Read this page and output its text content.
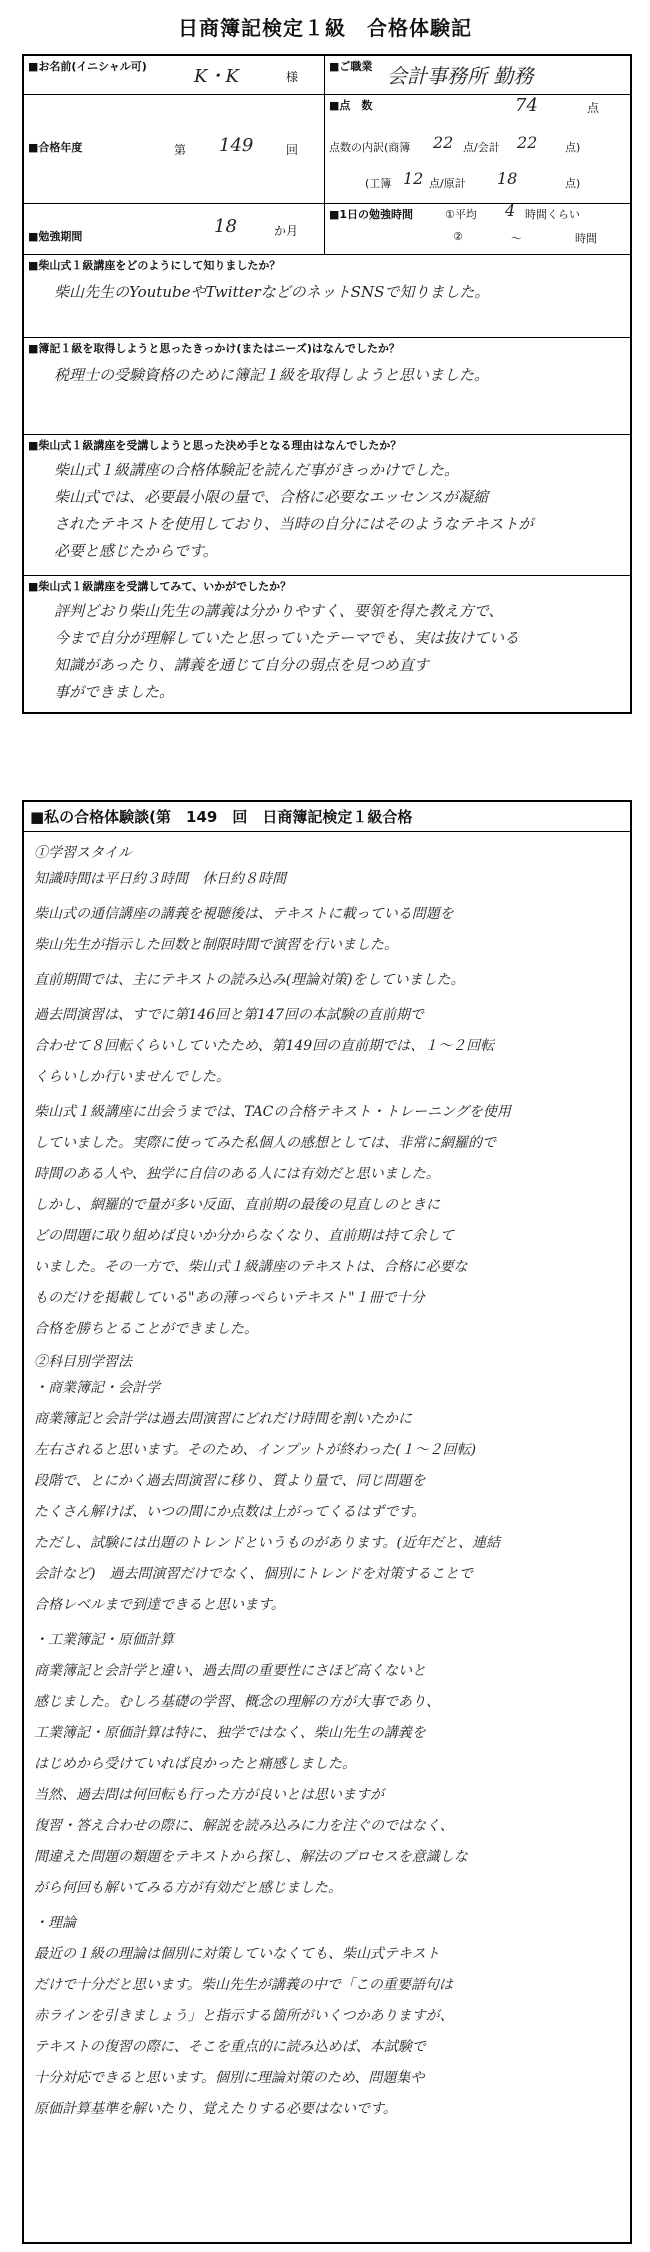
日商簿記検定１級　合格体験記
■お名前(イニシャル可)	K・K	様
■ご職業 会計事務所 勤務
■合格年度	第 149	回
■点　数	74	点
点数の内訳(商簿 22 点/会計 22	点)
(工簿 12 点/原計 18	点)
■勉強期間	18	か月
■1日の勉強時間	①平均 4 時間くらい
②	～	時間
■柴山式１級講座をどのようにして知りましたか？
柴山先生のYoutubeやTwitterなどのネットSNSで知りました。
■簿記１級を取得しようと思ったきっかけ(またはニーズ)はなんでしたか？
税理士の受験資格のために簿記１級を取得しようと思いました。
■柴山式１級講座を受講しようと思った決め手となる理由はなんでしたか？
柴山式１級講座の合格体験記を読んだ事がきっかけでした。
柴山式では、必要最小限の量で、合格に必要なエッセンスが凝縮
されたテキストを使用しており、当時の自分にはそのようなテキストが
必要と感じたからです。
■柴山式１級講座を受講してみて、いかがでしたか？
評判どおり柴山先生の講義は分かりやすく、要領を得た教え方で、
今まで自分が理解していたと思っていたテーマでも、実は抜けている
知識があったり、講義を通じて自分の弱点を見つめ直す
事ができました。
■私の合格体験談(第　149　回　日商簿記検定１級合格
①学習スタイル

知識時間は平日約３時間　休日約８時間

柴山式の通信講座の講義を視聴後は、テキストに載っている問題を
柴山先生が指示した回数と制限時間で演習を行いました。

直前期間では、主にテキストの読み込み(理論対策)をしていました。

過去問演習は、すでに第146回と第147回の本試験の直前期で
合わせて８回転くらいしていたため、第149回の直前期では、１～２回転
くらいしか行いませんでした。

柴山式１級講座に出会うまでは、TACの合格テキスト・トレーニングを使用
していました。実際に使ってみた私個人の感想としては、非常に網羅的で
時間のある人や、独学に自信のある人には有効だと思いました。
しかし、網羅的で量が多い反面、直前期の最後の見直しのときに
どの問題に取り組めば良いか分からなくなり、直前期は持て余して
いました。その一方で、柴山式１級講座のテキストは、合格に必要な
ものだけを掲載している"あの薄っぺらいテキスト"１冊で十分
合格を勝ちとることができました。

②科目別学習法

・商業簿記・会計学
商業簿記と会計学は過去問演習にどれだけ時間を割いたかに
左右されると思います。そのため、インプットが終わった(１～２回転)
段階で、とにかく過去問演習に移り、質より量で、同じ問題を
たくさん解けば、いつの間にか点数は上がってくるはずです。
ただし、試験には出題のトレンドというものがあります。(近年だと、連結
会計など)　過去問演習だけでなく、個別にトレンドを対策することで
合格レベルまで到達できると思います。

・工業簿記・原価計算
商業簿記と会計学と違い、過去問の重要性にさほど高くないと
感じました。むしろ基礎の学習、概念の理解の方が大事であり、
工業簿記・原価計算は特に、独学ではなく、柴山先生の講義を
はじめから受けていれば良かったと痛感しました。
当然、過去問は何回転も行った方が良いとは思いますが
復習・答え合わせの際に、解説を読み込みに力を注ぐのではなく、
間違えた問題の類題をテキストから探し、解法のプロセスを意識しな
がら何回も解いてみる方が有効だと感じました。

・理論
最近の１級の理論は個別に対策していなくても、柴山式テキスト
だけで十分だと思います。柴山先生が講義の中で「この重要語句は
赤ラインを引きましょう」と指示する箇所がいくつかありますが、
テキストの復習の際に、そこを重点的に読み込めば、本試験で
十分対応できると思います。個別に理論対策のため、問題集や
原価計算基準を解いたり、覚えたりする必要はないです。
